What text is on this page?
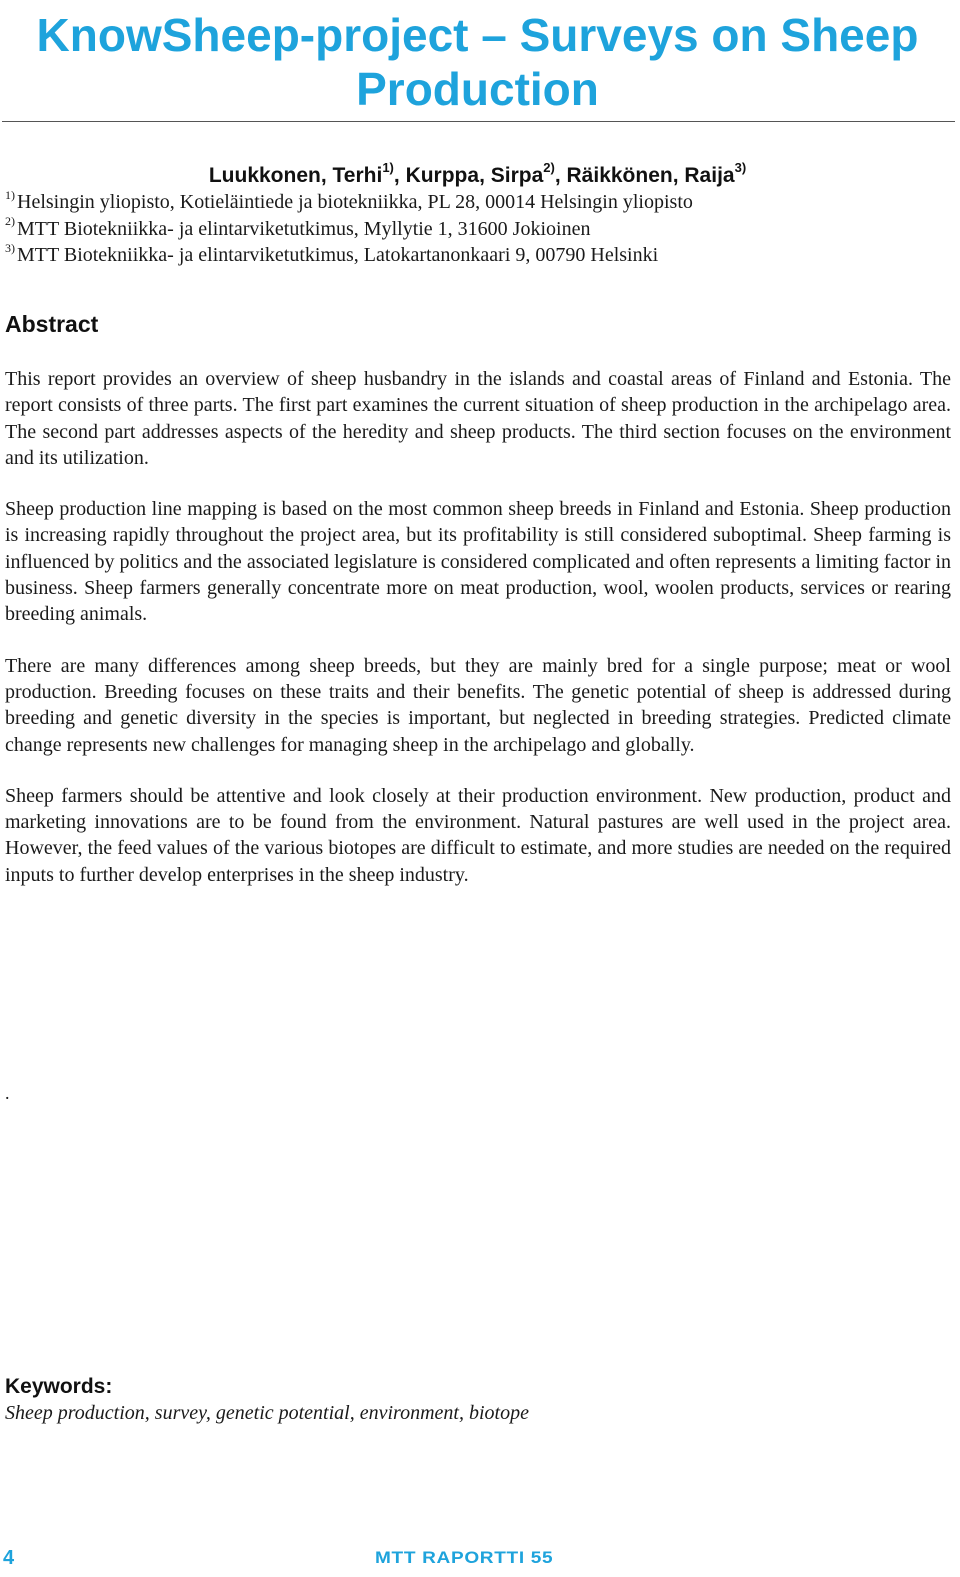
KnowSheep-project – Surveys on Sheep Production
Luukkonen, Terhi$^{1)}$, Kurppa, Sirpa$^{2)}$, Räikkönen, Raija$^{3)}$
$^{1)}$ Helsingin yliopisto, Kotieläintiede ja biotekniikka, PL 28, 00014 Helsingin yliopisto
$^{2)}$ MTT Biotekniikka- ja elintarviketutkimus, Myllytie 1, 31600 Jokioinen
$^{3)}$ MTT Biotekniikka- ja elintarviketutkimus, Latokartanonkaari 9, 00790 Helsinki
Abstract

This report provides an overview of sheep husbandry in the islands and coastal areas of Finland and Estonia. The report consists of three parts. The first part examines the current situation of sheep production in the archipelago area. The second part addresses aspects of the heredity and sheep products. The third section focuses on the environment and its utilization.

Sheep production line mapping is based on the most common sheep breeds in Finland and Estonia. Sheep production is increasing rapidly throughout the project area, but its profitability is still considered suboptimal. Sheep farming is influenced by politics and the associated legislature is considered complicated and often represents a limiting factor in business. Sheep farmers generally concentrate more on meat production, wool, woolen products, services or rearing breeding animals.

There are many differences among sheep breeds, but they are mainly bred for a single purpose; meat or wool production. Breeding focuses on these traits and their benefits. The genetic potential of sheep is addressed during breeding and genetic diversity in the species is important, but neglected in breeding strategies. Predicted climate change represents new challenges for managing sheep in the archipelago and globally.

Sheep farmers should be attentive and look closely at their production environment. New production, product and marketing innovations are to be found from the environment. Natural pastures are well used in the project area. However, the feed values of the various biotopes are difficult to estimate, and more studies are needed on the required inputs to further develop enterprises in the sheep industry.

.
Keywords:
Sheep production, survey, genetic potential, environment, biotope
4	MTT RAPORTTI 55
